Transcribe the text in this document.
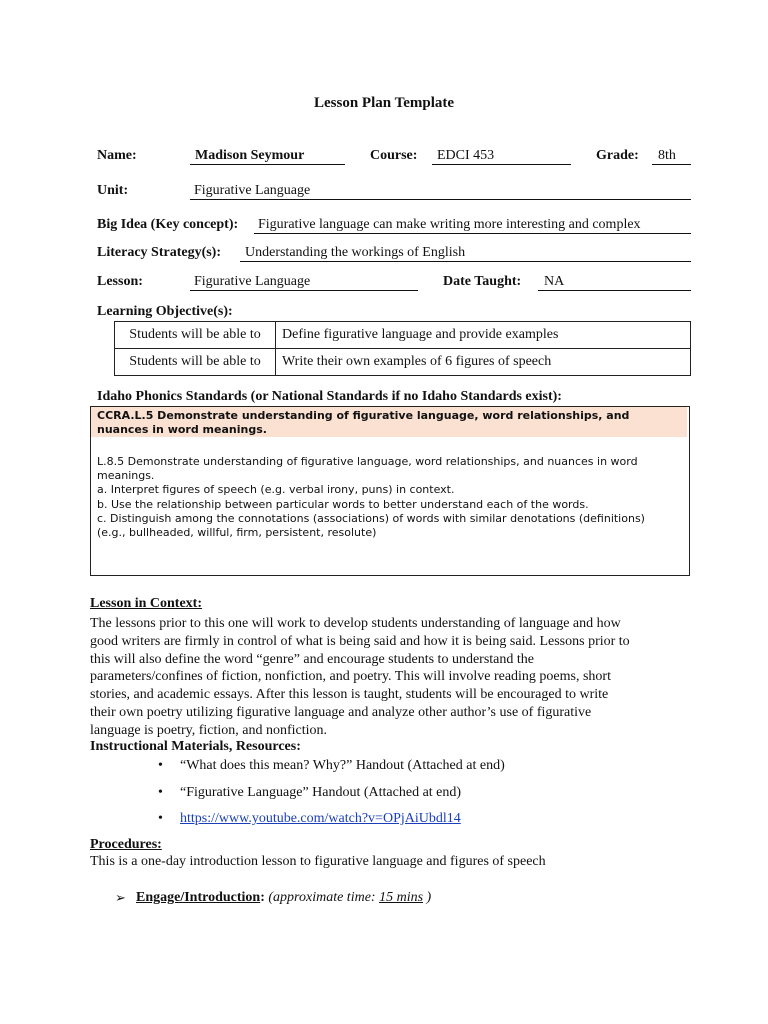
Lesson Plan Template
Name:	Madison Seymour	Course:	EDCI 453	Grade:	8th
Unit:	Figurative Language
Big Idea (Key concept): Figurative language can make writing more interesting and complex
Literacy Strategy(s):	Understanding the workings of English
Lesson:	Figurative Language	Date Taught:	NA
Learning Objective(s):
Students will be able to	Define figurative language and provide examples
Students will be able to	Write their own examples of 6 figures of speech
Idaho Phonics Standards (or National Standards if no Idaho Standards exist):
CCRA.L.5 Demonstrate understanding of figurative language, word relationships, and nuances in word meanings.
L.8.5 Demonstrate understanding of figurative language, word relationships, and nuances in word
meanings.
a. Interpret figures of speech (e.g. verbal irony, puns) in context.
b. Use the relationship between particular words to better understand each of the words.
c. Distinguish among the connotations (associations) of words with similar denotations (definitions)
(e.g., bullheaded, willful, firm, persistent, resolute)
Lesson in Context:
The lessons prior to this one will work to develop students understanding of language and how
good writers are firmly in control of what is being said and how it is being said. Lessons prior to
this will also define the word “genre” and encourage students to understand the
parameters/confines of fiction, nonfiction, and poetry. This will involve reading poems, short
stories, and academic essays. After this lesson is taught, students will be encouraged to write
their own poetry utilizing figurative language and analyze other author’s use of figurative
language is poetry, fiction, and nonfiction.
Instructional Materials, Resources:
• “What does this mean? Why?” Handout (Attached at end)
• “Figurative Language” Handout (Attached at end)
• https://www.youtube.com/watch?v=OPjAiUbdl14
Procedures:
This is a one-day introduction lesson to figurative language and figures of speech
➢ Engage/Introduction: (approximate time: 15 mins )
